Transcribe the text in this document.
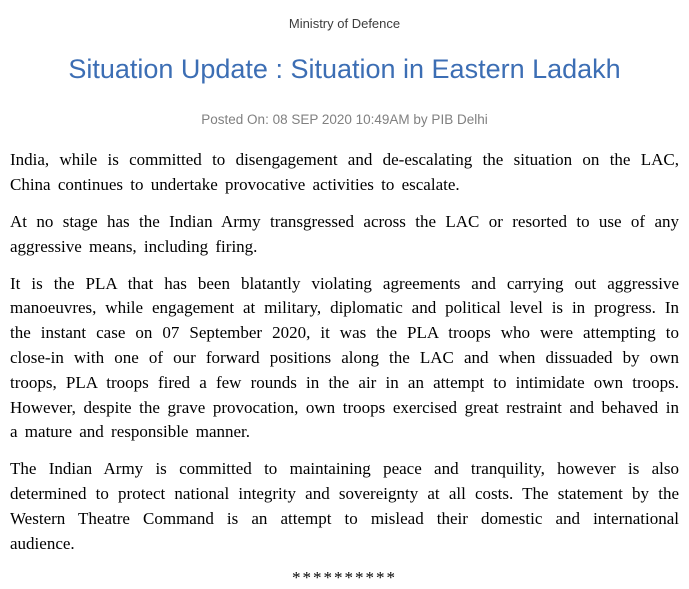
Ministry of Defence
Situation Update : Situation in Eastern Ladakh
Posted On: 08 SEP 2020 10:49AM by PIB Delhi

India, while is committed to disengagement and de-escalating the situation on the LAC, China continues to undertake provocative activities to escalate.

At no stage has the Indian Army transgressed across the LAC or resorted to use of any aggressive means, including firing.

It is the PLA that has been blatantly violating agreements and carrying out aggressive manoeuvres, while engagement at military, diplomatic and political level is in progress. In the instant case on 07 September 2020, it was the PLA troops who were attempting to close-in with one of our forward positions along the LAC and when dissuaded by own troops, PLA troops fired a few rounds in the air in an attempt to intimidate own troops. However, despite the grave provocation, own troops exercised great restraint and behaved in a mature and responsible manner.

The Indian Army is committed to maintaining peace and tranquility, however is also determined to protect national integrity and sovereignty at all costs. The statement by the Western Theatre Command is an attempt to mislead their domestic and international audience.

**********
